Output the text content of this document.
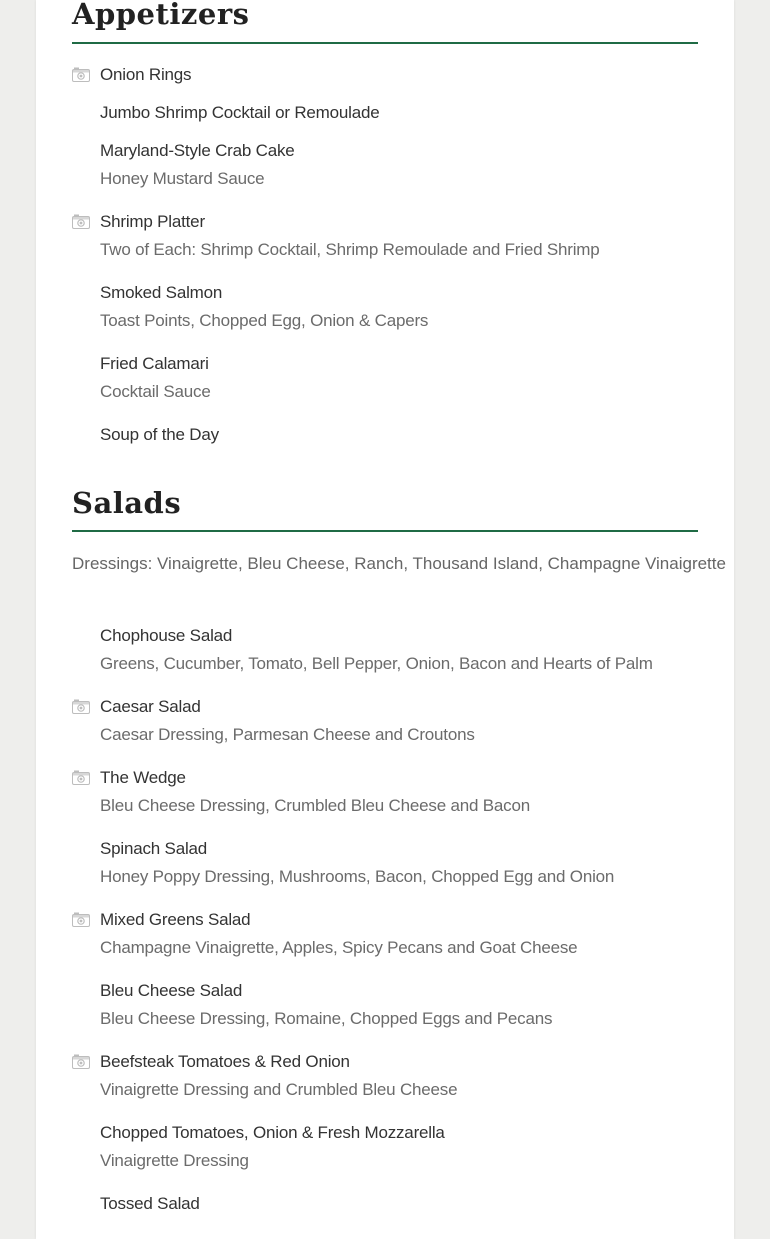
Appetizers
Onion Rings
Jumbo Shrimp Cocktail or Remoulade
Maryland-Style Crab Cake
Honey Mustard Sauce
Shrimp Platter
Two of Each: Shrimp Cocktail, Shrimp Remoulade and Fried Shrimp
Smoked Salmon
Toast Points, Chopped Egg, Onion & Capers
Fried Calamari
Cocktail Sauce
Soup of the Day
Salads
Dressings: Vinaigrette, Bleu Cheese, Ranch, Thousand Island, Champagne Vinaigrette
Chophouse Salad
Greens, Cucumber, Tomato, Bell Pepper, Onion, Bacon and Hearts of Palm
Caesar Salad
Caesar Dressing, Parmesan Cheese and Croutons
The Wedge
Bleu Cheese Dressing, Crumbled Bleu Cheese and Bacon
Spinach Salad
Honey Poppy Dressing, Mushrooms, Bacon, Chopped Egg and Onion
Mixed Greens Salad
Champagne Vinaigrette, Apples, Spicy Pecans and Goat Cheese
Bleu Cheese Salad
Bleu Cheese Dressing, Romaine, Chopped Eggs and Pecans
Beefsteak Tomatoes & Red Onion
Vinaigrette Dressing and Crumbled Bleu Cheese
Chopped Tomatoes, Onion & Fresh Mozzarella
Vinaigrette Dressing
Tossed Salad
